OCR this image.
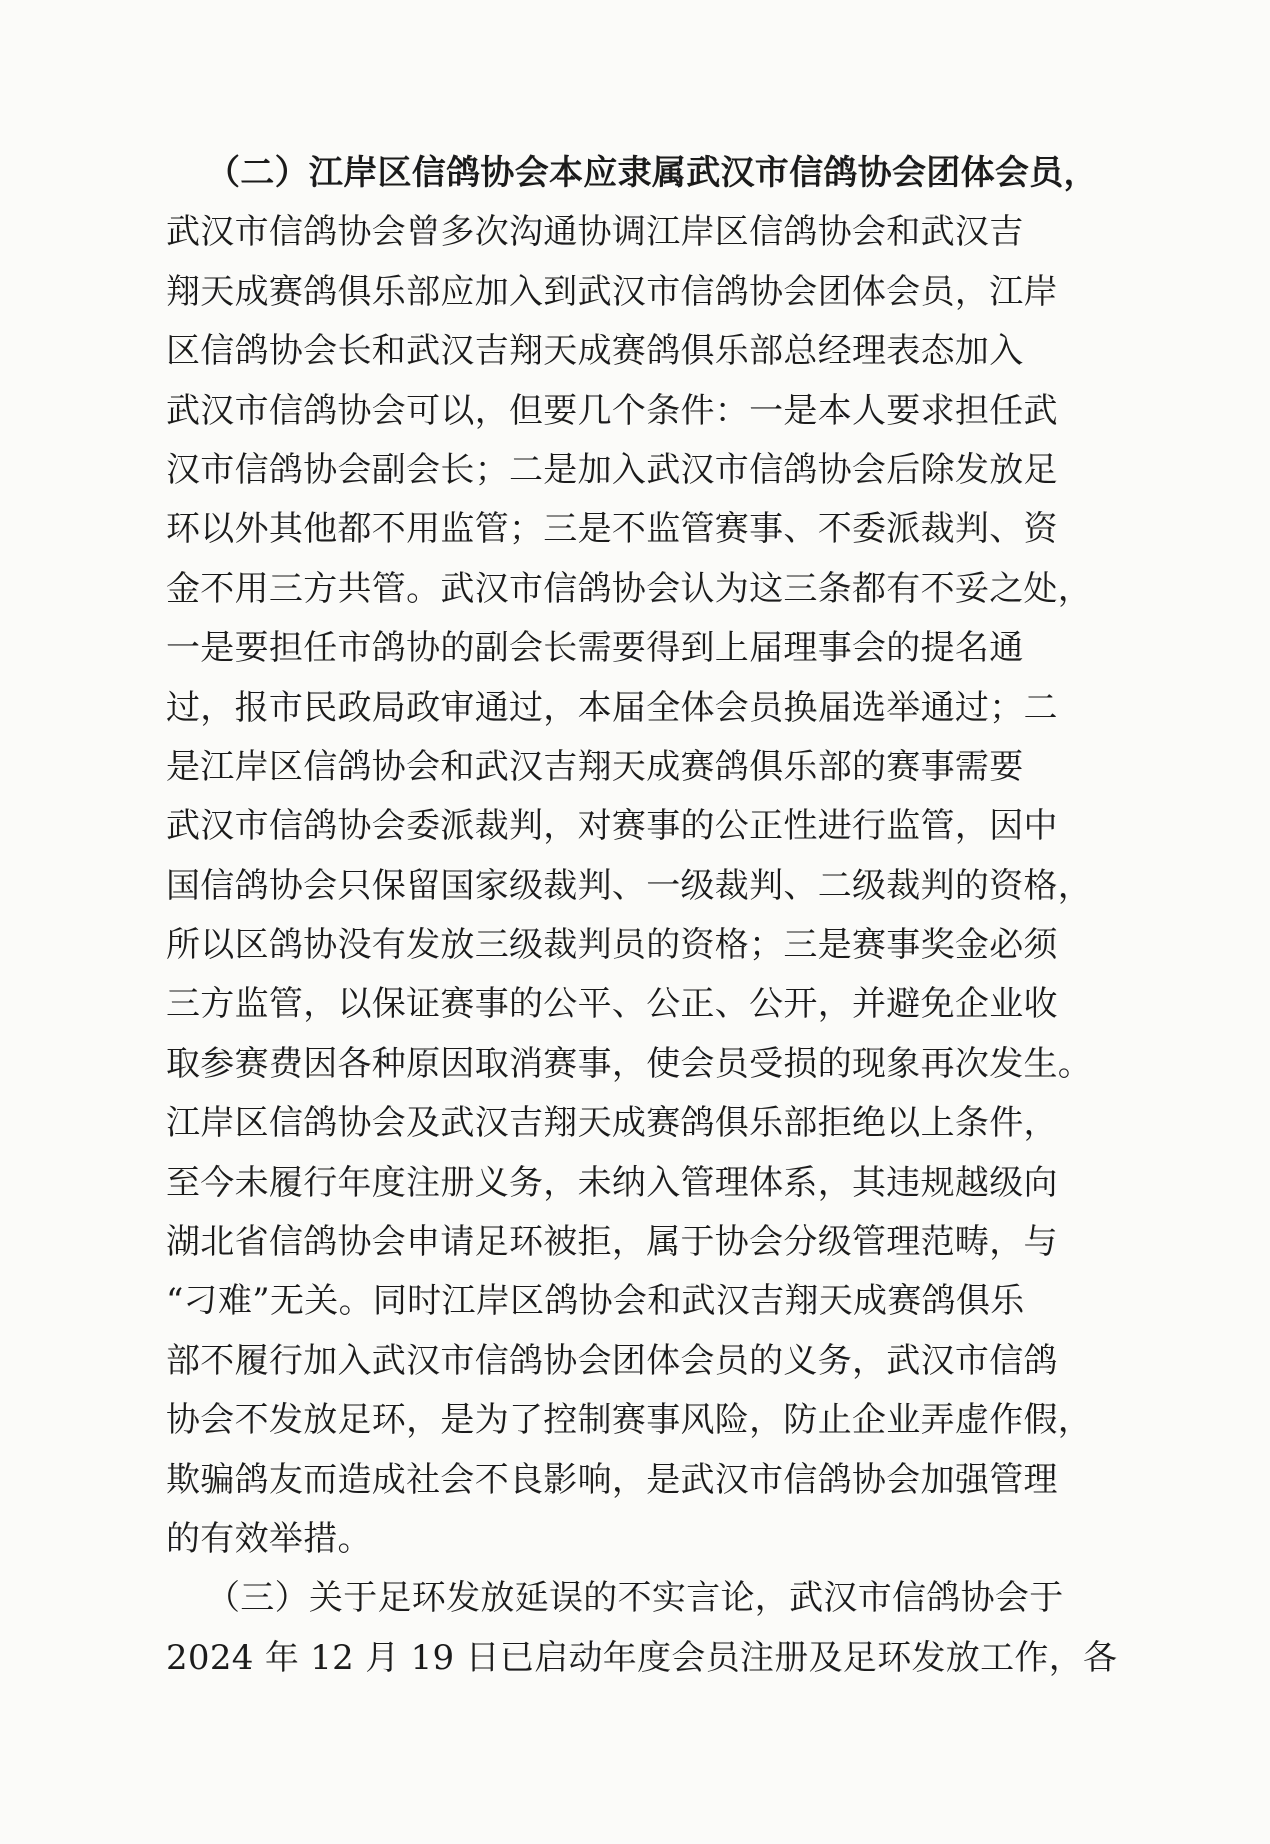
（二）江岸区信鸽协会本应隶属武汉市信鸽协会团体会员，
武汉市信鸽协会曾多次沟通协调江岸区信鸽协会和武汉吉
翔天成赛鸽俱乐部应加入到武汉市信鸽协会团体会员，江岸
区信鸽协会长和武汉吉翔天成赛鸽俱乐部总经理表态加入
武汉市信鸽协会可以，但要几个条件：一是本人要求担任武
汉市信鸽协会副会长；二是加入武汉市信鸽协会后除发放足
环以外其他都不用监管；三是不监管赛事、不委派裁判、资
金不用三方共管。武汉市信鸽协会认为这三条都有不妥之处，
一是要担任市鸽协的副会长需要得到上届理事会的提名通
过，报市民政局政审通过，本届全体会员换届选举通过；二
是江岸区信鸽协会和武汉吉翔天成赛鸽俱乐部的赛事需要
武汉市信鸽协会委派裁判，对赛事的公正性进行监管，因中
国信鸽协会只保留国家级裁判、一级裁判、二级裁判的资格，
所以区鸽协没有发放三级裁判员的资格；三是赛事奖金必须
三方监管，以保证赛事的公平、公正、公开，并避免企业收
取参赛费因各种原因取消赛事，使会员受损的现象再次发生。
江岸区信鸽协会及武汉吉翔天成赛鸽俱乐部拒绝以上条件，
至今未履行年度注册义务，未纳入管理体系，其违规越级向
湖北省信鸽协会申请足环被拒，属于协会分级管理范畴，与
“刁难”无关。同时江岸区鸽协会和武汉吉翔天成赛鸽俱乐
部不履行加入武汉市信鸽协会团体会员的义务，武汉市信鸽
协会不发放足环，是为了控制赛事风险，防止企业弄虚作假，
欺骗鸽友而造成社会不良影响，是武汉市信鸽协会加强管理
的有效举措。
（三）关于足环发放延误的不实言论，武汉市信鸽协会于
2024 年 12 月 19 日已启动年度会员注册及足环发放工作，各
